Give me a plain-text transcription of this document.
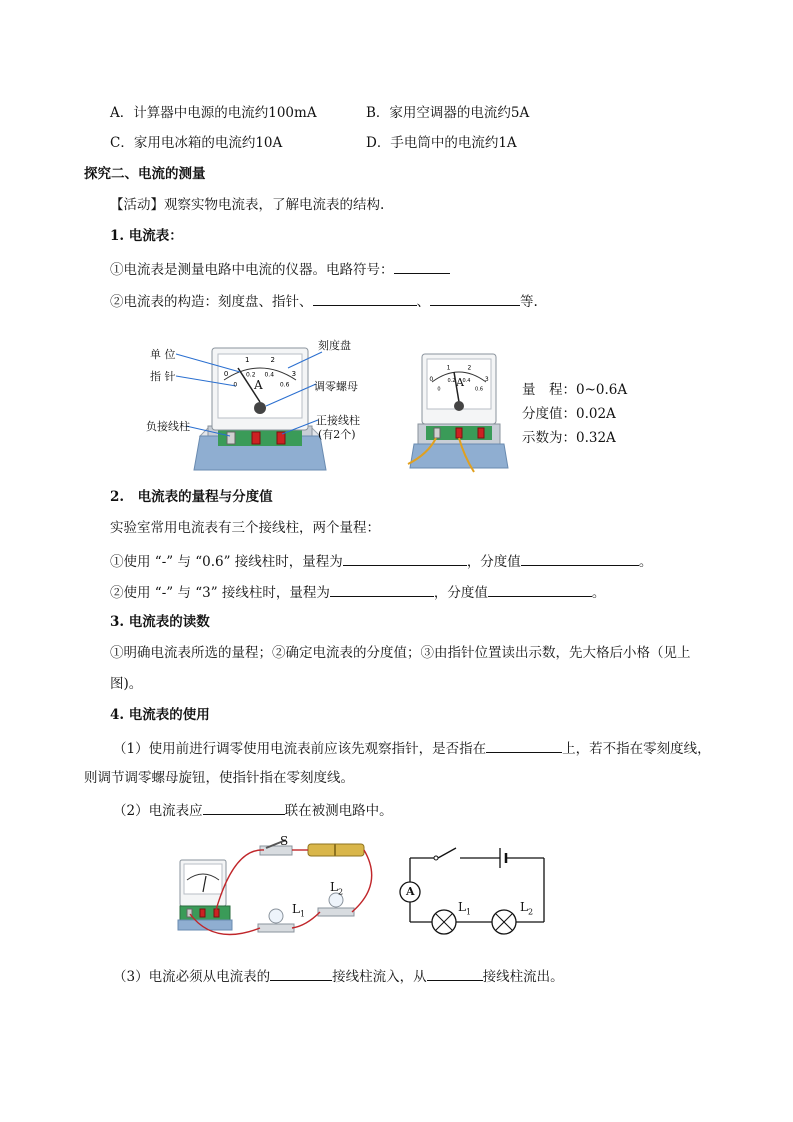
A．计算器中电源的电流约100mA	B．家用空调器的电流约5A
C．家用电冰箱的电流约10A	D．手电筒中的电流约1A
探究二、电流的测量
【活动】观察实物电流表，了解电流表的结构.
1. 电流表：
①电流表是测量电路中电流的仪器。电路符号：
②电流表的构造：刻度盘、指针、	、	等.
0
1	2
3
0
0.2 0.4
0.6
单 位
指 针
负接线柱
刻度盘
调零螺母
正接线柱
(有2个)
A	0
1	2
3
0
0.2 0.4
0.6
A	量　程：0~0.6A
分度值：0.02A
示数为：0.32A
2.　电流表的量程与分度值
实验室常用电流表有三个接线柱，两个量程：
①使用 “-” 与 “0.6” 接线柱时，量程为	，分度值	。
②使用 “-” 与 “3” 接线柱时，量程为	，分度值	。
3. 电流表的读数
①明确电流表所选的量程；②确定电流表的分度值；③由指针位置读出示数，先大格后小格（见上
图)。
4. 电流表的使用
（1）使用前进行调零使用电流表前应该先观察指针，是否指在	上，若不指在零刻度线，
则调节调零螺母旋钮，使指针指在零刻度线。
（2）电流表应	联在被测电路中。
S
$L_1$
$L_2$	A
$L_1$	$L_2$
（3）电流必须从电流表的	接线柱流入，从	接线柱流出。
